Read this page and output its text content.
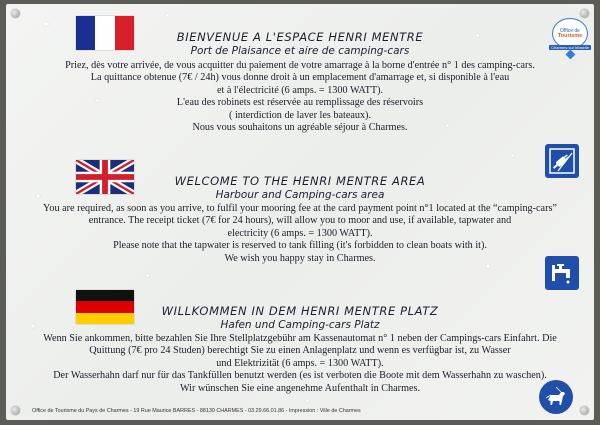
Office de
Tourisme
Charmes sur Moselle
BIENVENUE A L'ESPACE HENRI MENTRE
Port de Plaisance et aire de camping-cars
Priez, dès votre arrivée, de vous acquitter du paiement de votre amarrage à la borne d'entrée n° 1 des camping-cars.
La quittance obtenue (7€ / 24h) vous donne droit à un emplacement d'amarrage et, si disponible à l'eau
et à l'électricité (6 amps. = 1300 WATT).
L'eau des robinets est réservée au remplissage des réservoirs
( interdiction de laver les bateaux).
Nous vous souhaitons un agréable séjour à Charmes.
WELCOME TO THE HENRI MENTRE AREA
Harbour and Camping-cars area
You are required, as soon as you arrive, to fulfil your mooring fee at the card payment point n°1 located at the “camping-cars”
entrance. The receipt ticket (7€ for 24 hours), will allow you to moor and use, if available, tapwater and
electricity (6 amps. = 1300 WATT).
Please note that the tapwater is reserved to tank filling (it's forbidden to clean boats with it).
We wish you happy stay in Charmes.
WILLKOMMEN IN DEM HENRI MENTRE PLATZ
Hafen und Camping-cars Platz
Wenn Sie ankommen, bitte bezahlen Sie Ihre Stellplatzgebühr am Kassenautomat n° 1 neben der Campings-cars Einfahrt. Die
Quittung (7€ pro 24 Studen) berechtigt Sie zu einen Anlagenplatz und wenn es verfügbar ist, zu Wasser
und Elektrizität (6 amps. = 1300 WATT).
Der Wasserhahn darf nur für das Tankfüllen benutzt werden (es ist verboten die Boote mit dem Wasserhahn zu waschen).
Wir wünschen Sie eine angenehme Aufenthalt in Charmes.
Office de Tourisme du Pays de Charmes - 19 Rue Maurice BARRES - 88130 CHARMES - 03.29.66.01.86 - Impression : Ville de Charmes
